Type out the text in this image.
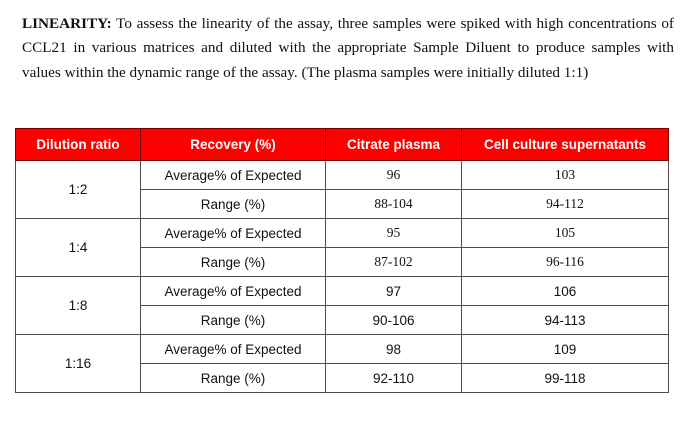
LINEARITY: To assess the linearity of the assay, three samples were spiked with high concentrations of CCL21 in various matrices and diluted with the appropriate Sample Diluent to produce samples with values within the dynamic range of the assay. (The plasma samples were initially diluted 1:1)

Dilution ratio	Recovery (%)	Citrate plasma	Cell culture supernatants
1:2	Average% of Expected	96	103
	Range (%)	88-104	94-112
1:4	Average% of Expected	95	105
	Range (%)	87-102	96-116
1:8	Average% of Expected	97	106
	Range (%)	90-106	94-113
1:16	Average% of Expected	98	109
	Range (%)	92-110	99-118
